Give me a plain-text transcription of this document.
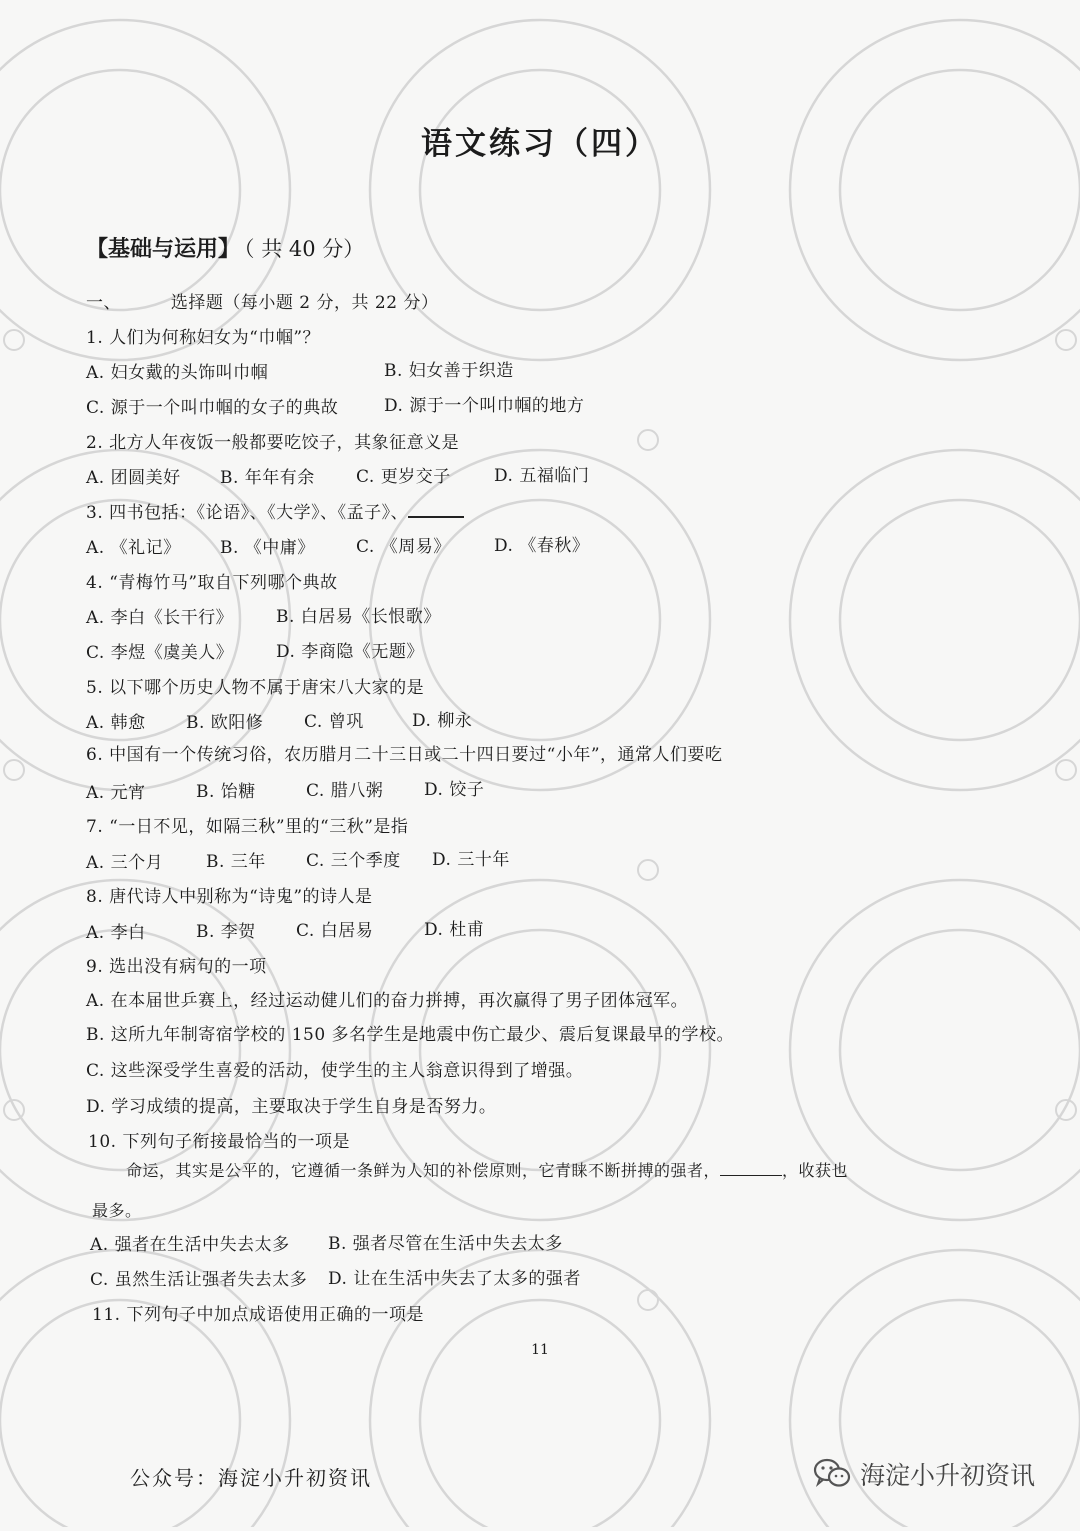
语文练习（四）
【基础与运用】 （ 共 40 分）
一、	选择题（每小题 2 分，共 22 分）
1. 人们为何称妇女为“巾帼”？
A. 妇女戴的头饰叫巾帼	B. 妇女善于织造
C. 源于一个叫巾帼的女子的典故	D. 源于一个叫巾帼的地方
2. 北方人年夜饭一般都要吃饺子，其象征意义是
A. 团圆美好 B. 年年有余 C. 更岁交子	D. 五福临门
3. 四书包括：《论语》、《大学》、《孟子》、
A. 《礼记》 B. 《中庸》 C. 《周易》	D. 《春秋》
4. “青梅竹马”取自下列哪个典故
A. 李白《长干行》	B. 白居易《长恨歌》
C. 李煜《虞美人》	D. 李商隐《无题》
5. 以下哪个历史人物不属于唐宋八大家的是
A. 韩愈 B. 欧阳修 C. 曾巩	D. 柳永
6. 中国有一个传统习俗，农历腊月二十三日或二十四日要过“小年”，通常人们要吃
A. 元宵	B. 饴糖	C. 腊八粥 D. 饺子
7. “一日不见，如隔三秋”里的“三秋”是指
A. 三个月	B. 三年 C. 三个季度 D. 三十年
8. 唐代诗人中别称为“诗鬼”的诗人是
A. 李白	B. 李贺 C. 白居易	D. 杜甫
9. 选出没有病句的一项
A. 在本届世乒赛上，经过运动健儿们的奋力拼搏，再次赢得了男子团体冠军。
B. 这所九年制寄宿学校的 150 多名学生是地震中伤亡最少、震后复课最早的学校。
C. 这些深受学生喜爱的活动，使学生的主人翁意识得到了增强。
D. 学习成绩的提高，主要取决于学生自身是否努力。
10. 下列句子衔接最恰当的一项是
命运，其实是公平的，它遵循一条鲜为人知的补偿原则，它青睐不断拼搏的强者，	，收获也
最多。
A. 强者在生活中失去太多 B. 强者尽管在生活中失去太多
C. 虽然生活让强者失去太多 D. 让在生活中失去了太多的强者
11. 下列句子中加点成语使用正确的一项是
11
公众号：海淀小升初资讯	海淀小升初资讯
